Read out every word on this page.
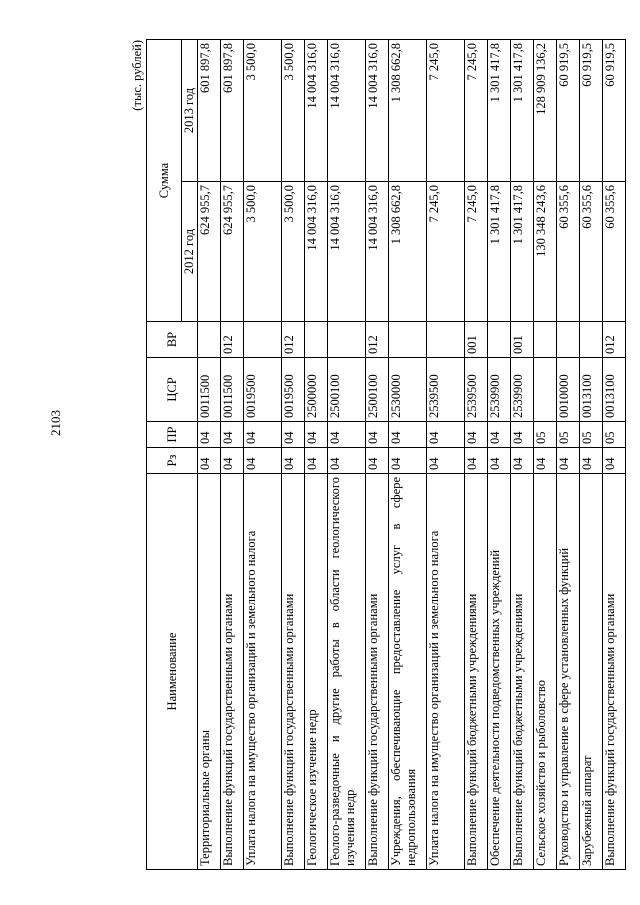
2103
(тыс. рублей)
Наименование	Рз	ПР	ЦСР	ВР	Сумма	
					2012 год	2013 год
Территориальные органы	04	04	0011500		624 955,7	601 897,8
Выполнение функций государственными органами	04	04	0011500	012	624 955,7	601 897,8
Уплата налога на имущество организаций и земельного налога	04	04	0019500		3 500,0	3 500,0
Выполнение функций государственными органами	04	04	0019500	012	3 500,0	3 500,0
Геологическое изучение недр	04	04	2500000		14 004 316,0	14 004 316,0
Геолого-разведочные и другие работы в области геологического изучения недр	04	04	2500100		14 004 316,0	14 004 316,0
Выполнение функций государственными органами	04	04	2500100	012	14 004 316,0	14 004 316,0
Учреждения, обеспечивающие предоставление услуг в сфере недропользования	04	04	2530000		1 308 662,8	1 308 662,8
Уплата налога на имущество организаций и земельного налога	04	04	2539500		7 245,0	7 245,0
Выполнение функций бюджетными учреждениями	04	04	2539500	001	7 245,0	7 245,0
Обеспечение деятельности подведомственных учреждений	04	04	2539900		1 301 417,8	1 301 417,8
Выполнение функций бюджетными учреждениями	04	04	2539900	001	1 301 417,8	1 301 417,8
Сельское хозяйство и рыболовство	04	05			130 348 243,6	128 909 136,2
Руководство и управление в сфере установленных функций	04	05	0010000		60 355,6	60 919,5
Зарубежный аппарат	04	05	0013100		60 355,6	60 919,5
Выполнение функций государственными органами	04	05	0013100	012	60 355,6	60 919,5
